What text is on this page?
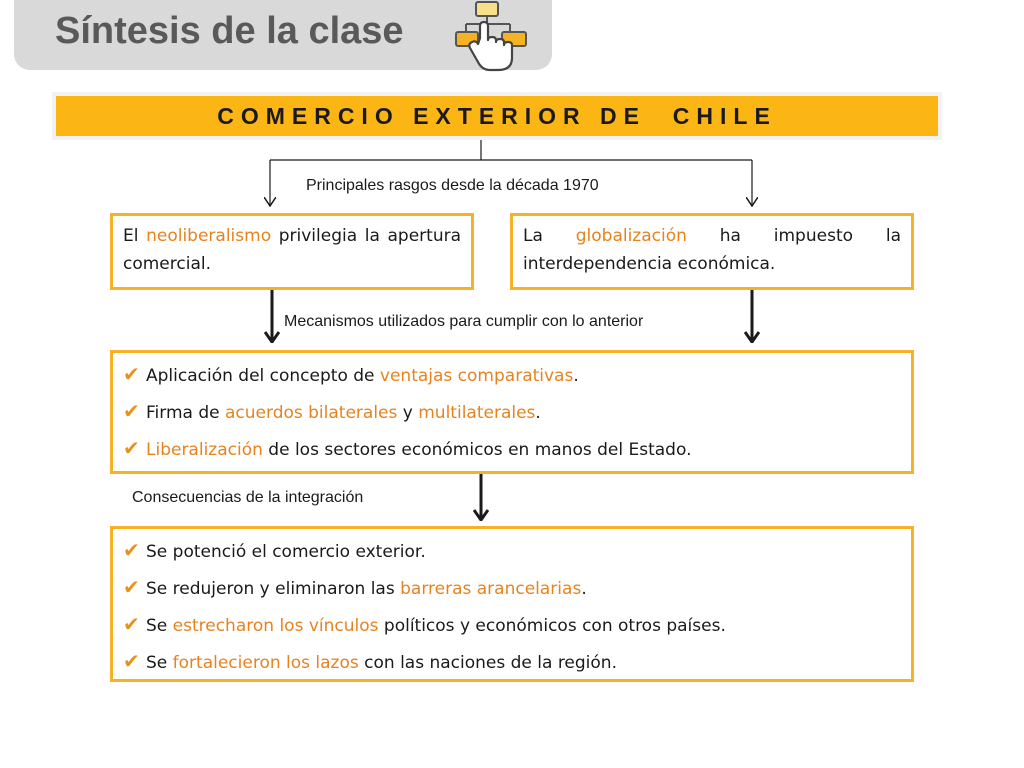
Síntesis de la clase
COMERCIO EXTERIOR DE  CHILE
Principales rasgos desde la década 1970
Mecanismos utilizados para cumplir con lo anterior
Consecuencias de la integración

El neoliberalismo privilegia la apertura comercial.

La globalización ha impuesto la interdependencia económica.

✔ Aplicación del concepto de ventajas comparativas.
✔ Firma de acuerdos bilaterales y multilaterales.
✔ Liberalización de los sectores económicos en manos del Estado.
✔ Se potenció el comercio exterior.
✔ Se redujeron y eliminaron las barreras arancelarias.
✔ Se estrecharon los vínculos políticos y económicos con otros países.
✔ Se fortalecieron los lazos con las naciones de la región.
